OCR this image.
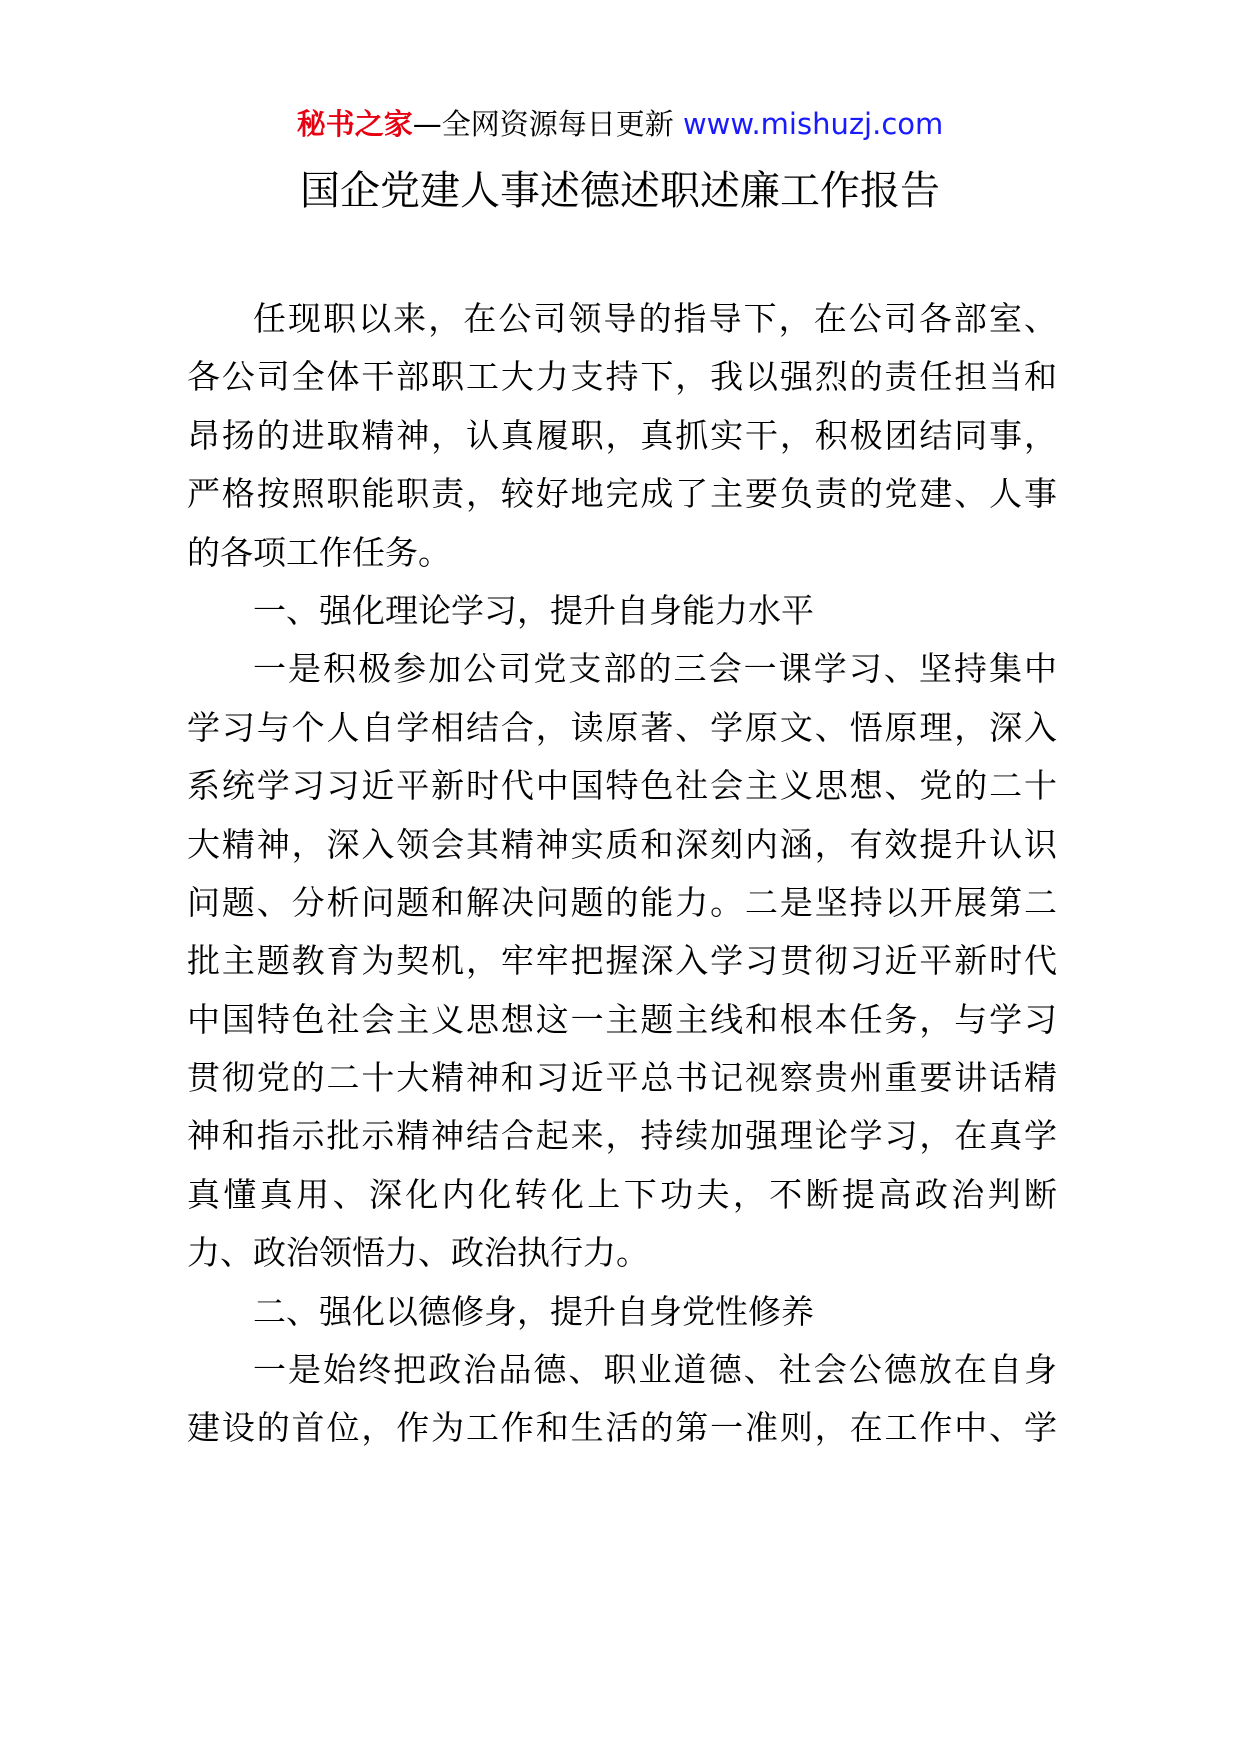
秘书之家—全网资源每日更新 www.mishuzj.com
国企党建人事述德述职述廉工作报告
任现职以来，在公司领导的指导下，在公司各部室、
各公司全体干部职工大力支持下，我以强烈的责任担当和
昂扬的进取精神，认真履职，真抓实干，积极团结同事，
严格按照职能职责，较好地完成了主要负责的党建、人事
的各项工作任务。
一、强化理论学习，提升自身能力水平
一是积极参加公司党支部的三会一课学习、坚持集中
学习与个人自学相结合，读原著、学原文、悟原理，深入
系统学习习近平新时代中国特色社会主义思想、党的二十
大精神，深入领会其精神实质和深刻内涵，有效提升认识
问题、分析问题和解决问题的能力。二是坚持以开展第二
批主题教育为契机，牢牢把握深入学习贯彻习近平新时代
中国特色社会主义思想这一主题主线和根本任务，与学习
贯彻党的二十大精神和习近平总书记视察贵州重要讲话精
神和指示批示精神结合起来，持续加强理论学习，在真学
真懂真用、深化内化转化上下功夫，不断提高政治判断
力、政治领悟力、政治执行力。
二、强化以德修身，提升自身党性修养
一是始终把政治品德、职业道德、社会公德放在自身
建设的首位，作为工作和生活的第一准则，在工作中、学
